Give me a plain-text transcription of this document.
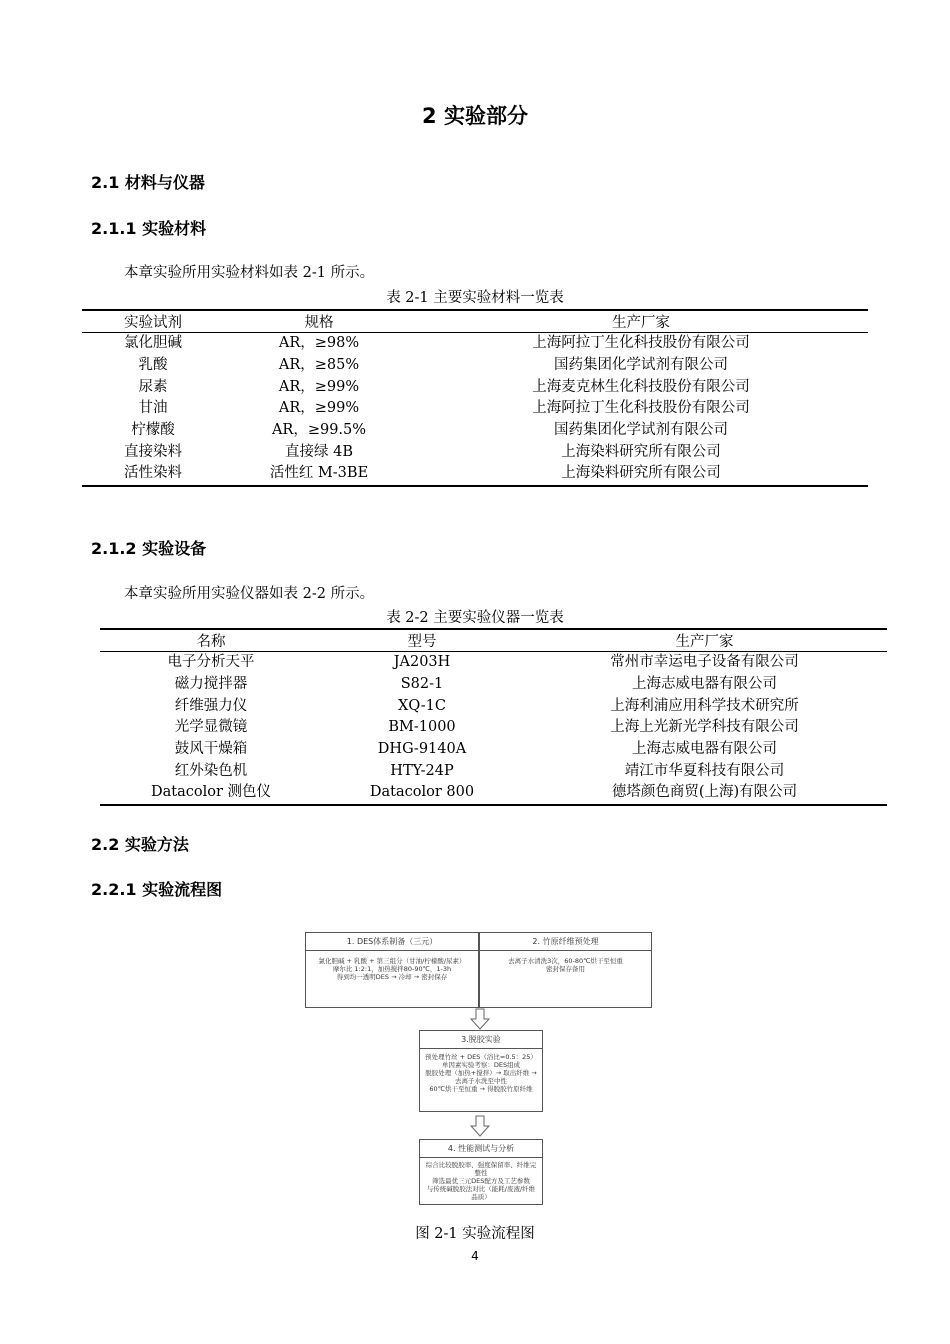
2 实验部分
2.1 材料与仪器
2.1.1 实验材料
本章实验所用实验材料如表 2-1 所示。
表 2-1 主要实验材料一览表
实验试剂	规格	生产厂家
氯化胆碱	AR，≥98%	上海阿拉丁生化科技股份有限公司
乳酸	AR，≥85%	国药集团化学试剂有限公司
尿素	AR，≥99%	上海麦克林生化科技股份有限公司
甘油	AR，≥99%	上海阿拉丁生化科技股份有限公司
柠檬酸	AR，≥99.5%	国药集团化学试剂有限公司
直接染料	直接绿 4B	上海染料研究所有限公司
活性染料	活性红 M-3BE	上海染料研究所有限公司
2.1.2 实验设备
本章实验所用实验仪器如表 2-2 所示。
表 2-2 主要实验仪器一览表
名称	型号	生产厂家
电子分析天平	JA203H	常州市幸运电子设备有限公司
磁力搅拌器	S82-1	上海志威电器有限公司
纤维强力仪	XQ-1C	上海利浦应用科学技术研究所
光学显微镜	BM-1000	上海上光新光学科技有限公司
鼓风干燥箱	DHG-9140A	上海志威电器有限公司
红外染色机	HTY-24P	靖江市华夏科技有限公司
Datacolor 测色仪	Datacolor 800	德塔颜色商贸(上海)有限公司
2.2 实验方法
2.2.1 实验流程图
1. DES体系制备（三元）
氯化胆碱 + 乳酸 + 第三组分（甘油/柠檬酸/尿素）
摩尔比 1:2:1，加热搅拌80-90℃，1-3h
得到均一透明DES → 冷却 → 密封保存
2. 竹原纤维预处理
去离子水清洗3次，60-80℃烘干至恒重
密封保存备用
3.脱胶实验
预处理竹丝 + DES（浴比=0.5：25）
单因素实验考察：DES组成
脱胶处理（加热+搅拌）→ 取出纤维 →
去离子水洗至中性
60℃烘干至恒重 → 得脱胶竹原纤维
4. 性能测试与分析
综合比较脱胶率、强度保留率、纤维完整性
筛选最优三元DES配方及工艺参数
与传统碱脱胶法对比（能耗/废液/纤维品质）
图 2-1 实验流程图
4
